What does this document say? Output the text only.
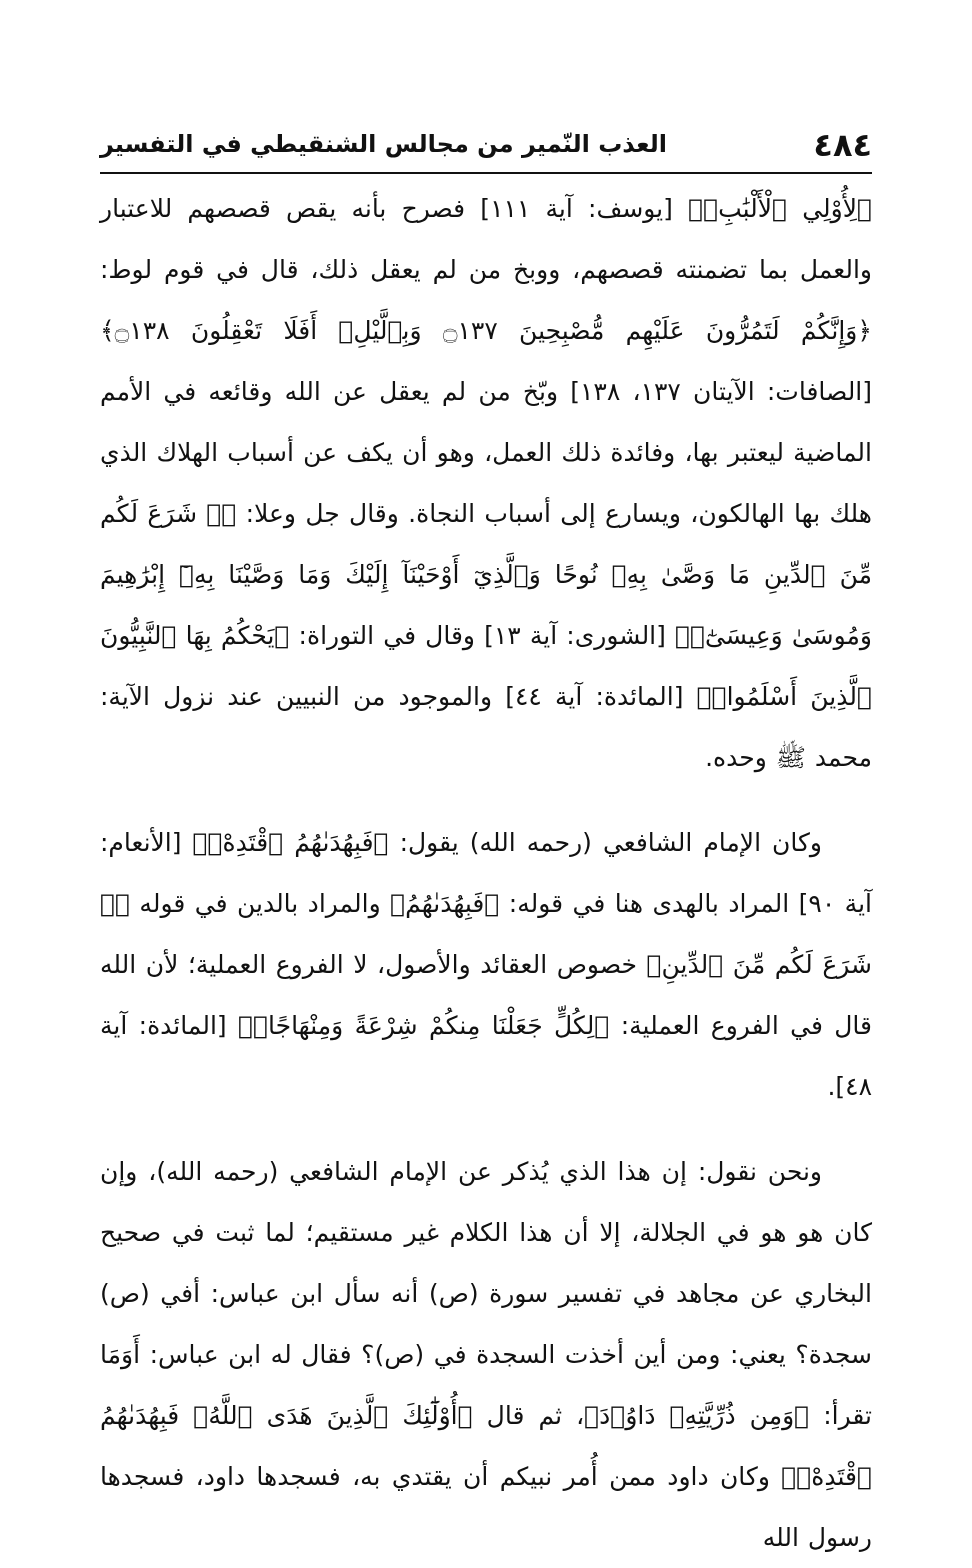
٤٨٤
العذب النّمير من مجالس الشنقيطي في التفسير

﴿لِأُوْلِي ٱلْأَلْبَٰبِۗ﴾ [يوسف: آية ١١١] فصرح بأنه يقص قصصهم للاعتبار والعمل بما تضمنته قصصهم، ووبخ من لم يعقل ذلك، قال في قوم لوط: ﴿وَإِنَّكُمْ لَتَمُرُّونَ عَلَيْهِم مُّصْبِحِينَ ۝١٣٧ وَبِٱلَّيْلِۚ أَفَلَا تَعْقِلُونَ ۝١٣٨﴾ [الصافات: الآيتان ١٣٧، ١٣٨] وبّخ من لم يعقل عن الله وقائعه في الأمم الماضية ليعتبر بها، وفائدة ذلك العمل، وهو أن يكف عن أسباب الهلاك الذي هلك بها الهالكون، ويسارع إلى أسباب النجاة. وقال جل وعلا: ﴿۞ شَرَعَ لَكُم مِّنَ ٱلدِّينِ مَا وَصَّىٰ بِهِۦ نُوحًا وَٱلَّذِيٓ أَوْحَيْنَآ إِلَيْكَ وَمَا وَصَّيْنَا بِهِۦٓ إِبْرَٰهِيمَ وَمُوسَىٰ وَعِيسَىٰٓۖ﴾ [الشورى: آية ١٣] وقال في التوراة: ﴿يَحْكُمُ بِهَا ٱلنَّبِيُّونَ ٱلَّذِينَ أَسْلَمُوا۟﴾ [المائدة: آية ٤٤] والموجود من النبيين عند نزول الآية: محمد ﷺ وحده.

وكان الإمام الشافعي (رحمه الله) يقول: ﴿فَبِهُدَىٰهُمُ ٱقْتَدِهْۗ﴾ [الأنعام: آية ٩٠] المراد بالهدى هنا في قوله: ﴿فَبِهُدَىٰهُمُ﴾ والمراد بالدين في قوله ﴿۞ شَرَعَ لَكُم مِّنَ ٱلدِّينِ﴾ خصوص العقائد والأصول، لا الفروع العملية؛ لأن الله قال في الفروع العملية: ﴿لِكُلٍّ جَعَلْنَا مِنكُمْ شِرْعَةً وَمِنْهَاجًاۚ﴾ [المائدة: آية ٤٨].

ونحن نقول: إن هذا الذي يُذكر عن الإمام الشافعي (رحمه الله)، وإن كان هو هو في الجلالة، إلا أن هذا الكلام غير مستقيم؛ لما ثبت في صحيح البخاري عن مجاهد في تفسير سورة (ص) أنه سأل ابن عباس: أفي (ص) سجدة؟ يعني: ومن أين أخذت السجدة في (ص)؟ فقال له ابن عباس: أَوَمَا تقرأ: ﴿وَمِن ذُرِّيَّتِهِۦ دَاوُۥدَ﴾، ثم قال ﴿أُوْلَٰٓئِكَ ٱلَّذِينَ هَدَى ٱللَّهُۖ فَبِهُدَىٰهُمُ ٱقْتَدِهْۗ﴾ وكان داود ممن أُمر نبيكم أن يقتدي به، فسجدها داود، فسجدها رسول الله
